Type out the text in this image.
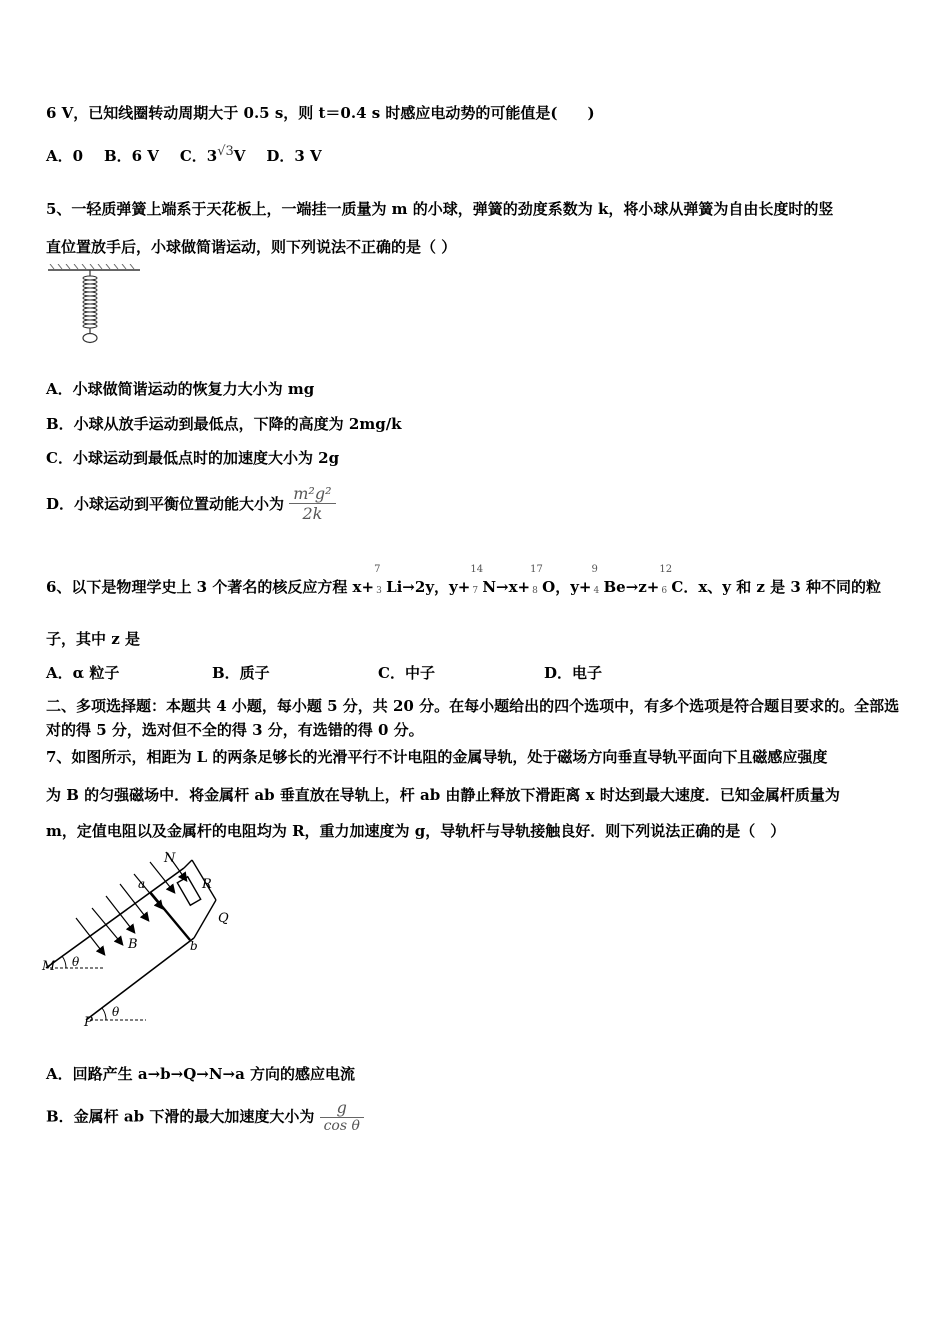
6 V，已知线圈转动周期大于 0.5 s，则 t＝0.4 s 时感应电动势的可能值是(　　)
A．0 B．6 V C．3√3V D．3 V
5、一轻质弹簧上端系于天花板上，一端挂一质量为 m 的小球，弹簧的劲度系数为 k，将小球从弹簧为自由长度时的竖
直位置放手后，小球做简谐运动，则下列说法不正确的是（ ）
A．小球做简谐运动的恢复力大小为 mg
B．小球从放手运动到最低点，下降的高度为 2mg/k
C．小球运动到最低点时的加速度大小为 2g
D．小球运动到平衡位置动能大小为 $\frac{\text{m²g²}}{2k}$
6、以下是物理学史上 3 个著名的核反应方程 x+
7
3 Li→2y，y+
14
7 N→x+
17
8 O，y+
9
4 Be→z+
12
6 C．x、y 和 z 是 3 种不同的粒
子，其中 z 是
A．α 粒子	B．质子	C．中子	D．电子
二、多项选择题：本题共 4 小题，每小题 5 分，共 20 分。在每小题给出的四个选项中，有多个选项是符合题目要求的。全部选对的得 5 分，选对但不全的得 3 分，有选错的得 0 分。
7、如图所示，相距为 L 的两条足够长的光滑平行不计电阻的金属导轨，处于磁场方向垂直导轨平面向下且磁感应强度
为 B 的匀强磁场中．将金属杆 ab 垂直放在导轨上，杆 ab 由静止释放下滑距离 x 时达到最大速度．已知金属杆质量为
m，定值电阻以及金属杆的电阻均为 R，重力加速度为 g，导轨杆与导轨接触良好．则下列说法正确的是（　）
N
R
Q
a
B	b
M θ
P
θ
A．回路产生 a→b→Q→N→a 方向的感应电流
B．金属杆 ab 下滑的最大加速度大小为 $\frac{g}{\text{cos θ}}$
